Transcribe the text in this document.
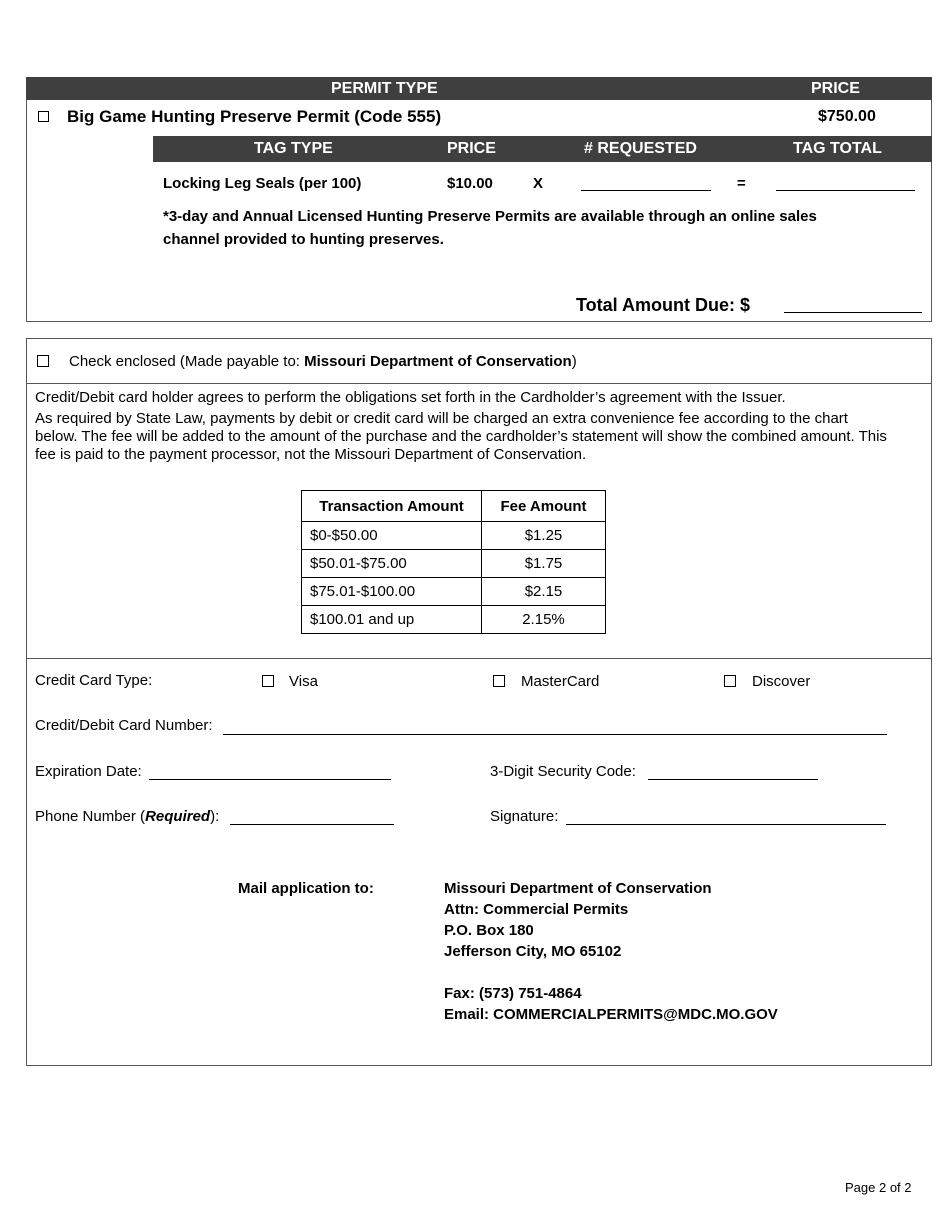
PERMIT TYPE	PRICE
Big Game Hunting Preserve Permit (Code 555)	$750.00
TAG TYPE	PRICE	# REQUESTED	TAG TOTAL
Locking Leg Seals (per 100)	$10.00	X	=
*3-day and Annual Licensed Hunting Preserve Permits are available through an online sales
channel provided to hunting preserves.
Total Amount Due: $
Check enclosed (Made payable to: Missouri Department of Conservation)
Credit/Debit card holder agrees to perform the obligations set forth in the Cardholder’s agreement with the Issuer.
As required by State Law, payments by debit or credit card will be charged an extra convenience fee according to the chart
below. The fee will be added to the amount of the purchase and the cardholder’s statement will show the combined amount. This
fee is paid to the payment processor, not the Missouri Department of Conservation.
Transaction Amount	Fee Amount
$0-$50.00	$1.25
$50.01-$75.00	$1.75
$75.01-$100.00	$2.15
$100.01 and up	2.15%
Credit Card Type:	Visa	MasterCard	Discover
Credit/Debit Card Number:
Expiration Date:	3-Digit Security Code:
Phone Number (Required):	Signature:
Mail application to:	Missouri Department of Conservation
Attn: Commercial Permits
P.O. Box 180
Jefferson City, MO 65102
Fax: (573) 751-4864
Email: COMMERCIALPERMITS@MDC.MO.GOV
Page 2 of 2
